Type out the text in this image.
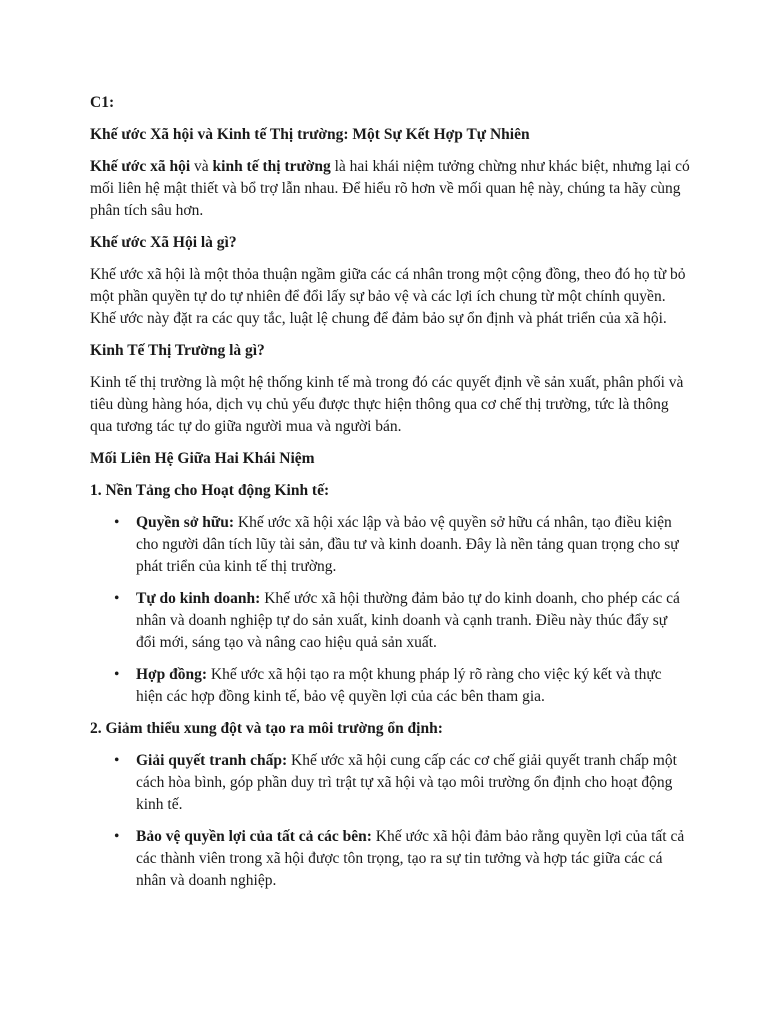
C1:

Khế ước Xã hội và Kinh tế Thị trường: Một Sự Kết Hợp Tự Nhiên

Khế ước xã hội và kinh tế thị trường là hai khái niệm tưởng chừng như khác biệt, nhưng lại có mối liên hệ mật thiết và bổ trợ lẫn nhau. Để hiểu rõ hơn về mối quan hệ này, chúng ta hãy cùng phân tích sâu hơn.

Khế ước Xã Hội là gì?

Khế ước xã hội là một thỏa thuận ngầm giữa các cá nhân trong một cộng đồng, theo đó họ từ bỏ một phần quyền tự do tự nhiên để đổi lấy sự bảo vệ và các lợi ích chung từ một chính quyền. Khế ước này đặt ra các quy tắc, luật lệ chung để đảm bảo sự ổn định và phát triển của xã hội.

Kinh Tế Thị Trường là gì?

Kinh tế thị trường là một hệ thống kinh tế mà trong đó các quyết định về sản xuất, phân phối và tiêu dùng hàng hóa, dịch vụ chủ yếu được thực hiện thông qua cơ chế thị trường, tức là thông qua tương tác tự do giữa người mua và người bán.

Mối Liên Hệ Giữa Hai Khái Niệm

1. Nền Tảng cho Hoạt động Kinh tế:

• Quyền sở hữu: Khế ước xã hội xác lập và bảo vệ quyền sở hữu cá nhân, tạo điều kiện cho người dân tích lũy tài sản, đầu tư và kinh doanh. Đây là nền tảng quan trọng cho sự phát triển của kinh tế thị trường.
• Tự do kinh doanh: Khế ước xã hội thường đảm bảo tự do kinh doanh, cho phép các cá nhân và doanh nghiệp tự do sản xuất, kinh doanh và cạnh tranh. Điều này thúc đẩy sự đổi mới, sáng tạo và nâng cao hiệu quả sản xuất.
• Hợp đồng: Khế ước xã hội tạo ra một khung pháp lý rõ ràng cho việc ký kết và thực hiện các hợp đồng kinh tế, bảo vệ quyền lợi của các bên tham gia.

2. Giảm thiểu xung đột và tạo ra môi trường ổn định:

• Giải quyết tranh chấp: Khế ước xã hội cung cấp các cơ chế giải quyết tranh chấp một cách hòa bình, góp phần duy trì trật tự xã hội và tạo môi trường ổn định cho hoạt động kinh tế.
• Bảo vệ quyền lợi của tất cả các bên: Khế ước xã hội đảm bảo rằng quyền lợi của tất cả các thành viên trong xã hội được tôn trọng, tạo ra sự tin tưởng và hợp tác giữa các cá nhân và doanh nghiệp.
